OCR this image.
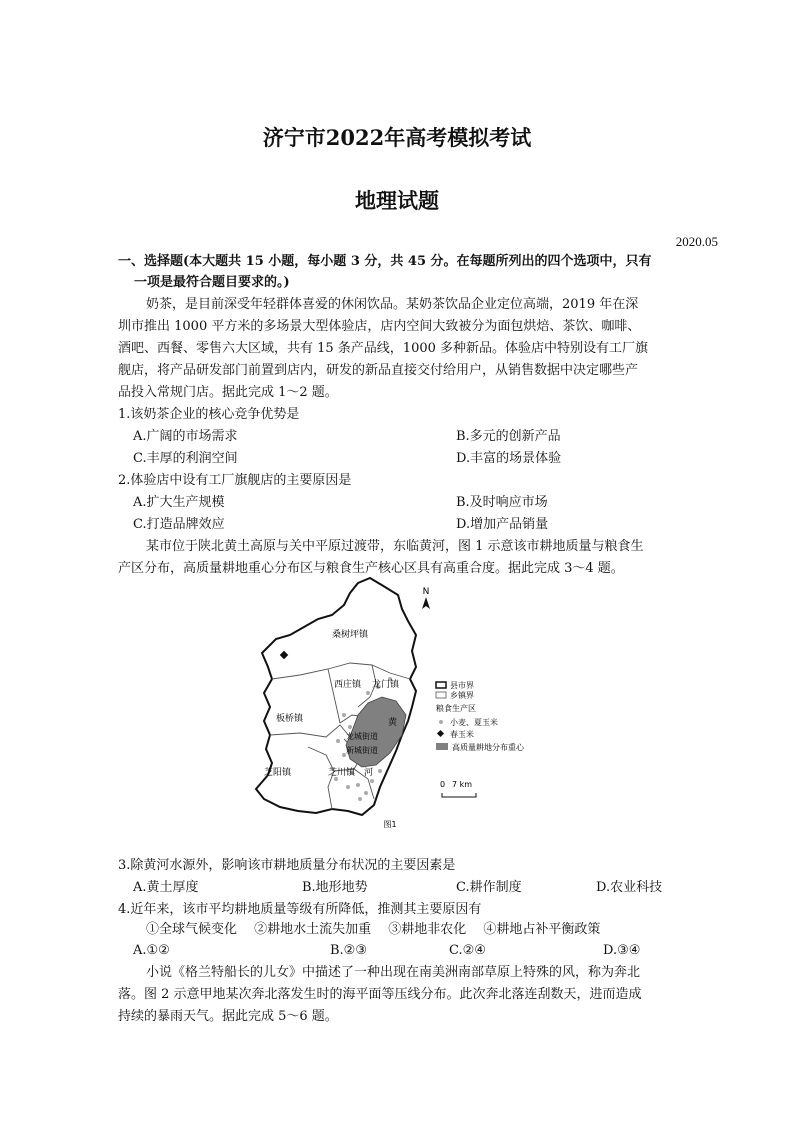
济宁市2022年高考模拟考试
地理试题
2020.05
一、选择题(本大题共 15 小题，每小题 3 分，共 45 分。在每题所列出的四个选项中，只有
一项是最符合题目要求的。)
奶茶，是目前深受年轻群体喜爱的休闲饮品。某奶茶饮品企业定位高端，2019 年在深
圳市推出 1000 平方米的多场景大型体验店，店内空间大致被分为面包烘焙、茶饮、咖啡、
酒吧、西餐、零售六大区域，共有 15 条产品线，1000 多种新品。体验店中特别设有工厂旗
舰店，将产品研发部门前置到店内，研发的新品直接交付给用户，从销售数据中决定哪些产
品投入常规门店。据此完成 1～2 题。
1.该奶茶企业的核心竞争优势是
A.广阔的市场需求	B.多元的创新产品
C.丰厚的利润空间	D.丰富的场景体验
2.体验店中设有工厂旗舰店的主要原因是
A.扩大生产规模	B.及时响应市场
C.打造品牌效应	D.增加产品销量
某市位于陕北黄土高原与关中平原过渡带，东临黄河，图 1 示意该市耕地质量与粮食生
产区分布，高质量耕地重心分布区与粮食生产核心区具有高重合度。据此完成 3～4 题。
N
桑树坪镇
西庄镇 龙门镇
板桥镇
龙城街道
新城街道
芝阳镇	芝川镇
黄
河
县市界
乡镇界
粮食生产区
小麦、夏玉米
春玉米
高质量耕地分布重心
0 7 km
图1
3.除黄河水源外，影响该市耕地质量分布状况的主要因素是
A.黄土厚度	B.地形地势	C.耕作制度	D.农业科技
4.近年来，该市平均耕地质量等级有所降低，推测其主要原因有
①全球气候变化　 ②耕地水土流失加重　 ③耕地非农化　 ④耕地占补平衡政策
A.①②	B.②③	C.②④	D.③④
小说《格兰特船长的儿女》中描述了一种出现在南美洲南部草原上特殊的风，称为奔北
落。图 2 示意甲地某次奔北落发生时的海平面等压线分布。此次奔北落连刮数天，进而造成
持续的暴雨天气。据此完成 5～6 题。
